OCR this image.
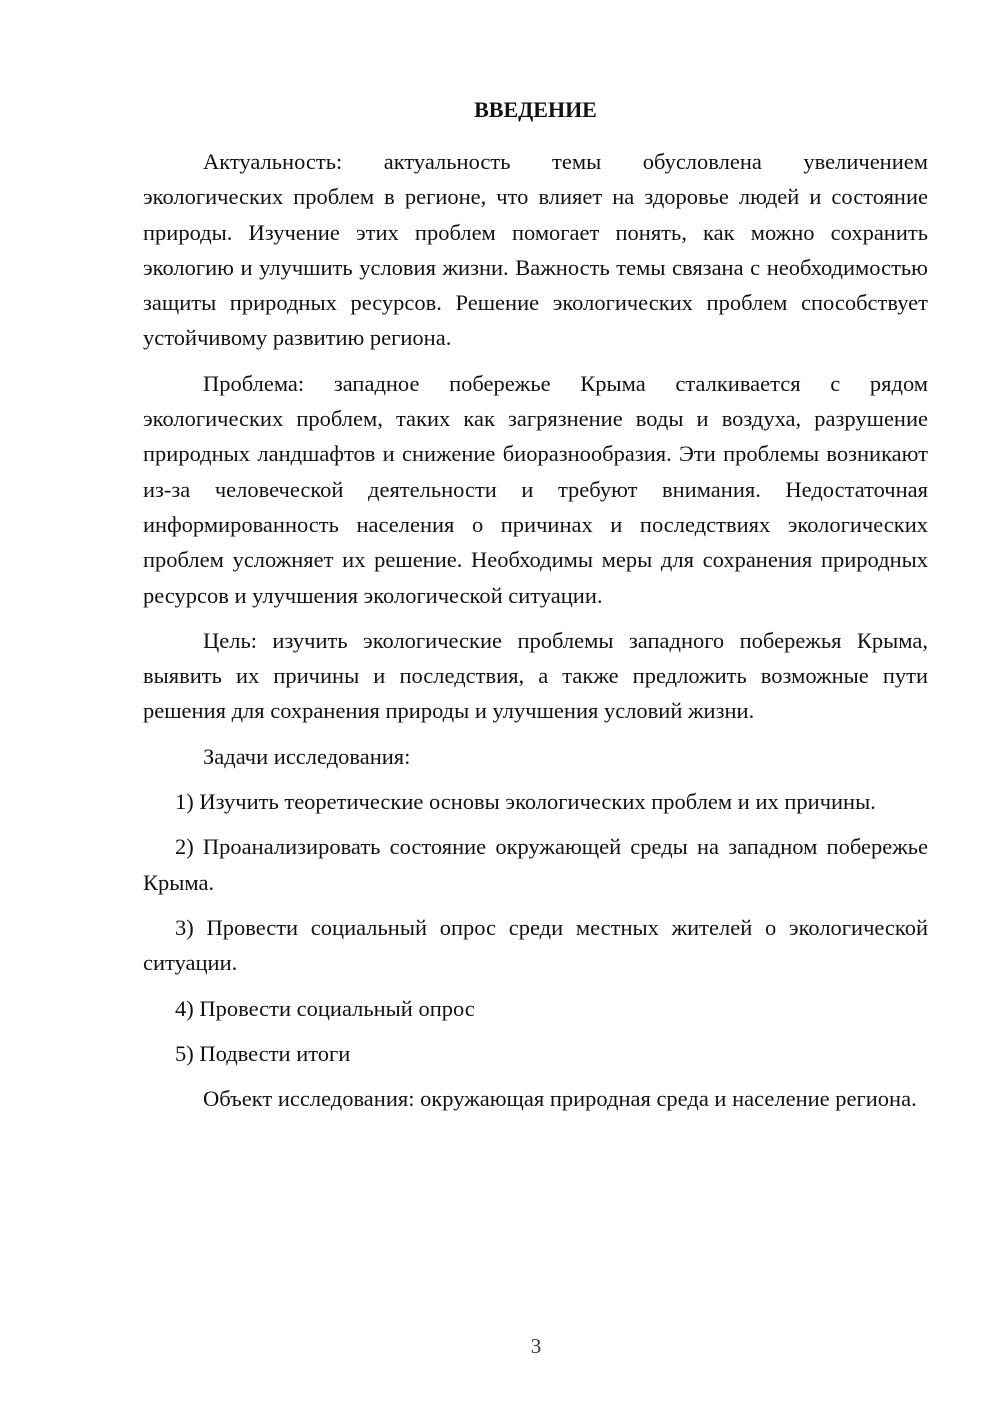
ВВЕДЕНИЕ

Актуальность: актуальность темы обусловлена увеличением экологических проблем в регионе, что влияет на здоровье людей и состояние природы. Изучение этих проблем помогает понять, как можно сохранить экологию и улучшить условия жизни. Важность темы связана с необходимостью защиты природных ресурсов. Решение экологических проблем способствует устойчивому развитию региона.

Проблема: западное побережье Крыма сталкивается с рядом экологических проблем, таких как загрязнение воды и воздуха, разрушение природных ландшафтов и снижение биоразнообразия. Эти проблемы возникают из-за человеческой деятельности и требуют внимания. Недостаточная информированность населения о причинах и последствиях экологических проблем усложняет их решение. Необходимы меры для сохранения природных ресурсов и улучшения экологической ситуации.

Цель: изучить экологические проблемы западного побережья Крыма, выявить их причины и последствия, а также предложить возможные пути решения для сохранения природы и улучшения условий жизни.

Задачи исследования:

1) Изучить теоретические основы экологических проблем и их причины.

2) Проанализировать состояние окружающей среды на западном побережье Крыма.

3) Провести социальный опрос среди местных жителей о экологической ситуации.

4) Провести социальный опрос

5) Подвести итоги

Объект исследования: окружающая природная среда и население региона.

3
